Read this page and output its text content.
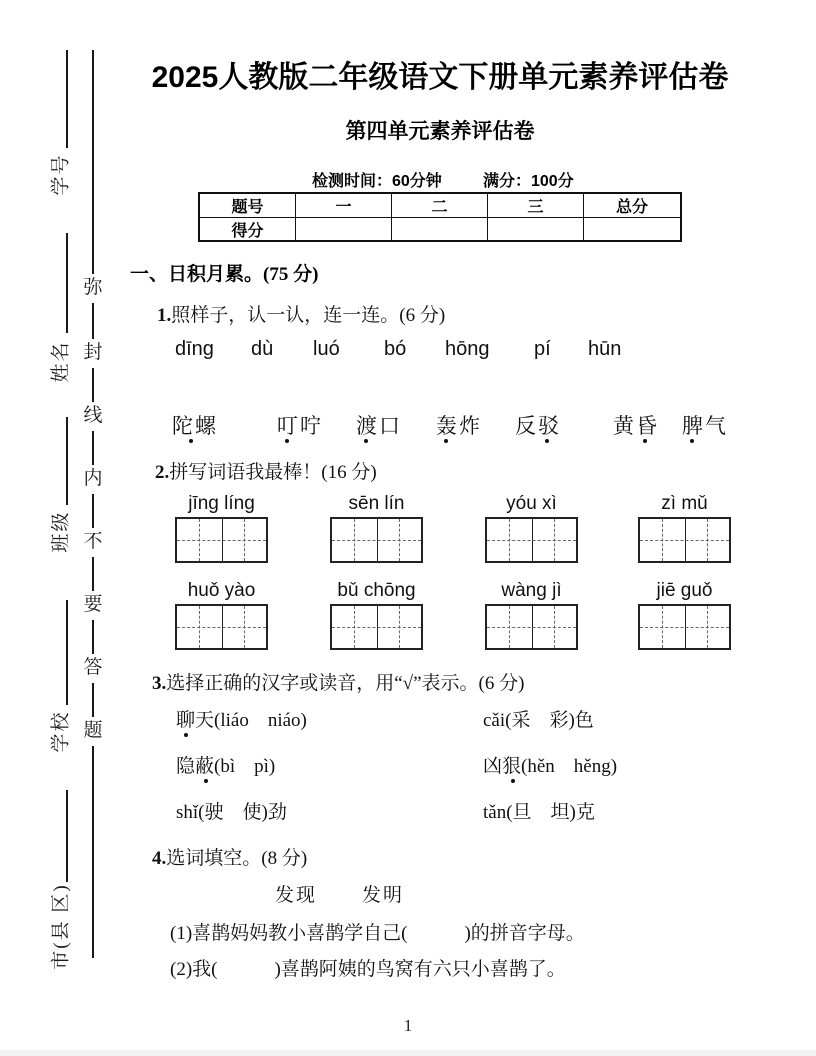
学号
姓名
班级
学校
市(县 区)
弥
封
线
内
不
要
答
题
2025人教版二年级语文下册单元素养评估卷
第四单元素养评估卷
检测时间：60分钟	满分：100分
题号	一	二	三	总分
得分
一、日积月累。(75 分)
1.照样子，认一认，连一连。(6 分)
dīng dù luó bó hōng pí hūn
陀螺	叮咛 渡口 轰炸 反驳 黄昏 脾气
2.拼写词语我最棒！(16 分)
jīng líng	sēn lín	yóu xì	zì mǔ
huǒ yào	bǔ chōng	wàng jì	jiē guǒ
3.选择正确的汉字或读音，用“√”表示。(6 分)
聊天(liáo　niáo)	cǎi(采　彩)色
隐蔽(bì　pì)	凶狠(hěn　hěng)
shǐ(驶　使)劲	tǎn(旦　坦)克
4.选词填空。(8 分)
发现 发明
(1)喜鹊妈妈教小喜鹊学自己(　　　)的拼音字母。
(2)我(　　　)喜鹊阿姨的鸟窝有六只小喜鹊了。
1
